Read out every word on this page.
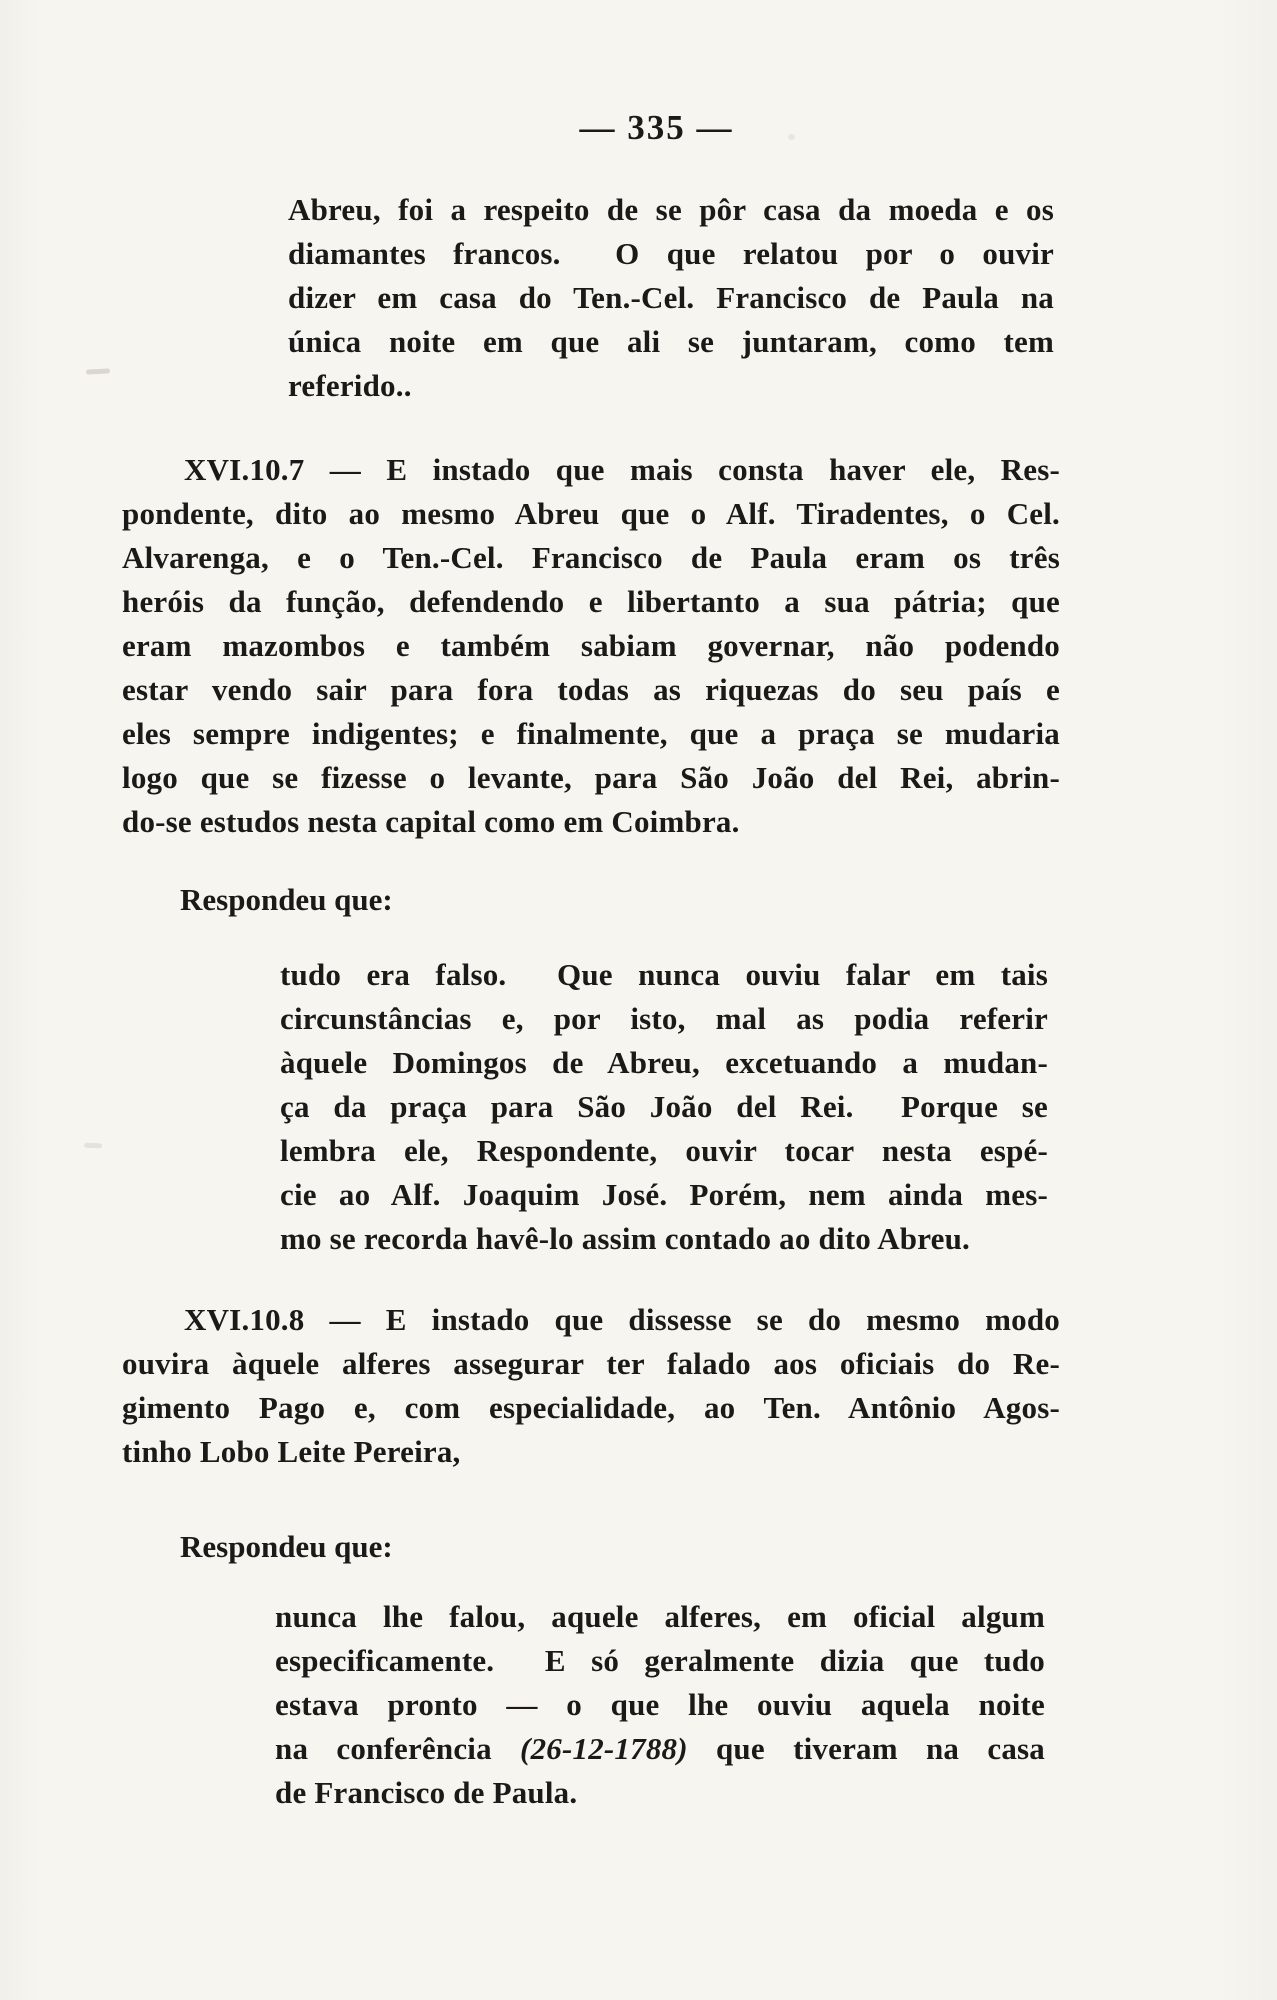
— 335 —
Abreu, foi a respeito de se pôr casa da moeda e os
diamantes francos.  O que relatou por o ouvir
dizer em casa do Ten.-Cel. Francisco de Paula na
única noite em que ali se juntaram, como tem
referido..
XVI.10.7 — E instado que mais consta haver ele, Res-
pondente, dito ao mesmo Abreu que o Alf. Tiradentes, o Cel.
Alvarenga, e o Ten.-Cel. Francisco de Paula eram os três
heróis da função, defendendo e libertanto a sua pátria; que
eram mazombos e também sabiam governar, não podendo
estar vendo sair para fora todas as riquezas do seu país e
eles sempre indigentes; e finalmente, que a praça se mudaria
logo que se fizesse o levante, para São João del Rei, abrin-
do-se estudos nesta capital como em Coimbra.
Respondeu que:
tudo era falso.  Que nunca ouviu falar em tais
circunstâncias e, por isto, mal as podia referir
àquele Domingos de Abreu, excetuando a mudan-
ça da praça para São João del Rei.  Porque se
lembra ele, Respondente, ouvir tocar nesta espé-
cie ao Alf. Joaquim José. Porém, nem ainda mes-
mo se recorda havê-lo assim contado ao dito Abreu.
XVI.10.8 — E instado que dissesse se do mesmo modo
ouvira àquele alferes assegurar ter falado aos oficiais do Re-
gimento Pago e, com especialidade, ao Ten. Antônio Agos-
tinho Lobo Leite Pereira,
Respondeu que:
nunca lhe falou, aquele alferes, em oficial algum
especificamente.  E só geralmente dizia que tudo
estava pronto — o que lhe ouviu aquela noite
na conferência (26-12-1788) que tiveram na casa
de Francisco de Paula.
